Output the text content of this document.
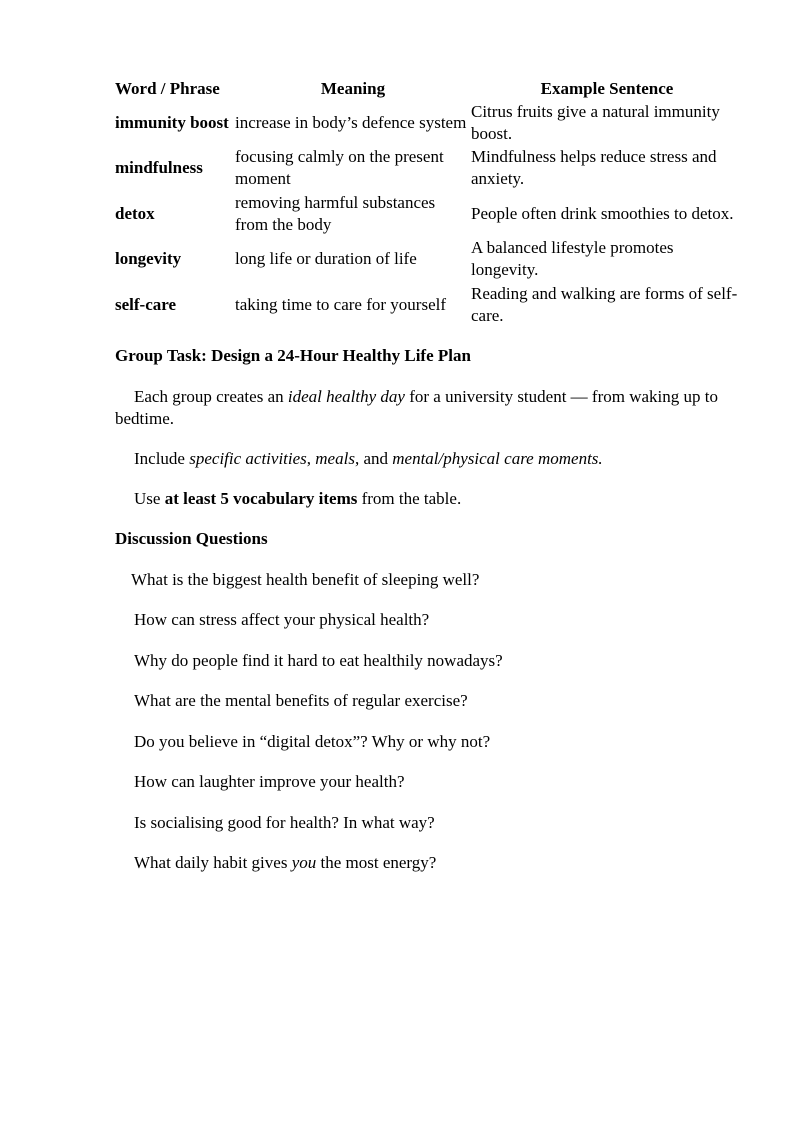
Word / Phrase	Meaning	Example Sentence
immunity boost	increase in body’s defence system	Citrus fruits give a natural immunity boost.
mindfulness	focusing calmly on the present moment	Mindfulness helps reduce stress and anxiety.
detox	removing harmful substances from the body	People often drink smoothies to detox.
longevity	long life or duration of life	A balanced lifestyle promotes longevity.
self-care	taking time to care for yourself	Reading and walking are forms of self-care.

Group Task: Design a 24-Hour Healthy Life Plan

Each group creates an ideal healthy day for a university student — from waking up to bedtime.

Include specific activities, meals, and mental/physical care moments.

Use at least 5 vocabulary items from the table.

Discussion Questions

What is the biggest health benefit of sleeping well?

How can stress affect your physical health?

Why do people find it hard to eat healthily nowadays?

What are the mental benefits of regular exercise?

Do you believe in “digital detox”? Why or why not?

How can laughter improve your health?

Is socialising good for health? In what way?

What daily habit gives you the most energy?
